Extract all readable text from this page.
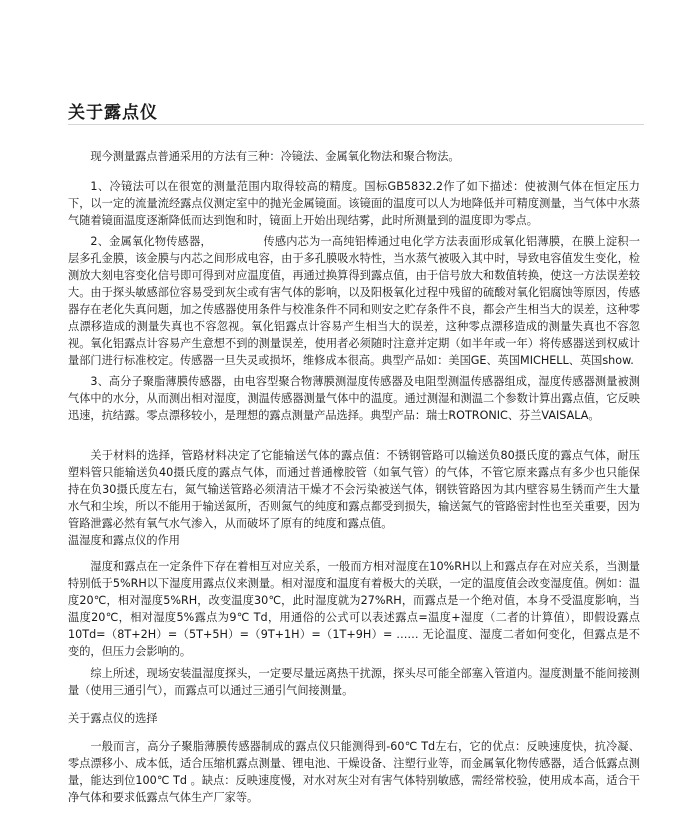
关于露点仪

现今测量露点普通采用的方法有三种：冷镜法、金属氧化物法和聚合物法。

1、冷镜法可以在很宽的测量范围内取得较高的精度。国标GB5832.2作了如下描述：使被测气体在恒定压力下，以一定的流量流经露点仪测定室中的抛光金属镜面。该镜面的温度可以人为地降低并可精度测量，当气体中水蒸气随着镜面温度逐渐降低而达到饱和时，镜面上开始出现结雾，此时所测量到的温度即为零点。

2、金属氧化物传感器，　　　　　传感内芯为一高纯铝棒通过电化学方法表面形成氧化铝薄膜，在膜上淀积一层多孔金膜，该金膜与内芯之间形成电容，由于多孔膜吸水特性，当水蒸气被吸入其中时，导致电容值发生变化，检测放大刻电容变化信号即可得到对应温度值，再通过换算得到露点值，由于信号放大和数值转换，使这一方法误差较大。由于探头敏感部位容易受到灰尘或有害气体的影响，以及阳极氧化过程中残留的硫酸对氧化铝腐蚀等原因，传感器存在老化失真问题，加之传感器使用条件与校准条件不同和则安之贮存条件不良，都会产生相当大的误差，这种零点漂移造成的测量失真也不容忽视。氧化铝露点计容易产生相当大的误差，这种零点漂移造成的测量失真也不容忽视。氧化铝露点计容易产生意想不到的测量误差，使用者必须随时注意并定期（如半年或一年）将传感器送到权威计量部门进行标准校定。传感器一旦失灵或损坏，维修成本很高。典型产品如：美国GE、英国MICHELL、英国show.

3、高分子聚脂薄膜传感器，由电容型聚合物薄膜测湿度传感器及电阻型测温传感器组成，湿度传感器测量被测气体中的水分，从而测出相对湿度，测温传感器测量气体中的温度。通过测湿和测温二个参数计算出露点值，它反映迅速，抗结露。零点漂移较小，是理想的露点测量产品选择。典型产品：瑞士ROTRONIC、芬兰VAISALA。

关于材料的选择，管路材料决定了它能输送气体的露点值：不锈钢管路可以输送负80摄氏度的露点气体，耐压塑料管只能输送负40摄氏度的露点气体，而通过普通橡胶管（如氧气管）的气体，不管它原来露点有多少也只能保持在负30摄氏度左右，氮气输送管路必须清洁干燥才不会污染被送气体，钢铁管路因为其内壁容易生锈而产生大量水气和尘埃，所以不能用于输送氮所，否则氮气的纯度和露点都受到损失，输送氮气的管路密封性也至关重要，因为管路泄露必然有氧气水气渗入，从而破坏了原有的纯度和露点值。

温湿度和露点仪的作用

湿度和露点在一定条件下存在着相互对应关系，一般而方相对湿度在10%RH以上和露点存在对应关系，当测量特别低于5%RH以下湿度用露点仪来测量。相对湿度和温度有着极大的关联，一定的温度值会改变湿度值。例如：温度20℃，相对湿度5%RH，改变温度30℃，此时湿度就为27%RH，而露点是一个绝对值，本身不受温度影响，当温度20℃，相对湿度5%露点为9℃ Td，用通俗的公式可以表述露点=温度+湿度（二者的计算值），即假设露点10Td=（8T+2H）=（5T+5H）=（9T+1H）=（1T+9H）= …… 无论温度、湿度二者如何变化，但露点是不变的，但压力会影响的。

综上所述，现场安装温湿度探头，一定要尽量远离热干扰源，探头尽可能全部塞入管道内。湿度测量不能间接测量（使用三通引气），而露点可以通过三通引气间接测量。

关于露点仪的选择

一般而言，高分子聚脂薄膜传感器制成的露点仪只能测得到-60℃ Td左右，它的优点：反映速度快，抗冷凝、零点漂移小、成本低，适合压缩机露点测量、锂电池、干燥设备、注塑行业等，而金属氧化物传感器，适合低露点测量，能达到位100℃ Td 。缺点：反映速度慢，对水对灰尘对有害气体特别敏感，需经常校验，使用成本高，适合干净气体和要求低露点气体生产厂家等。
